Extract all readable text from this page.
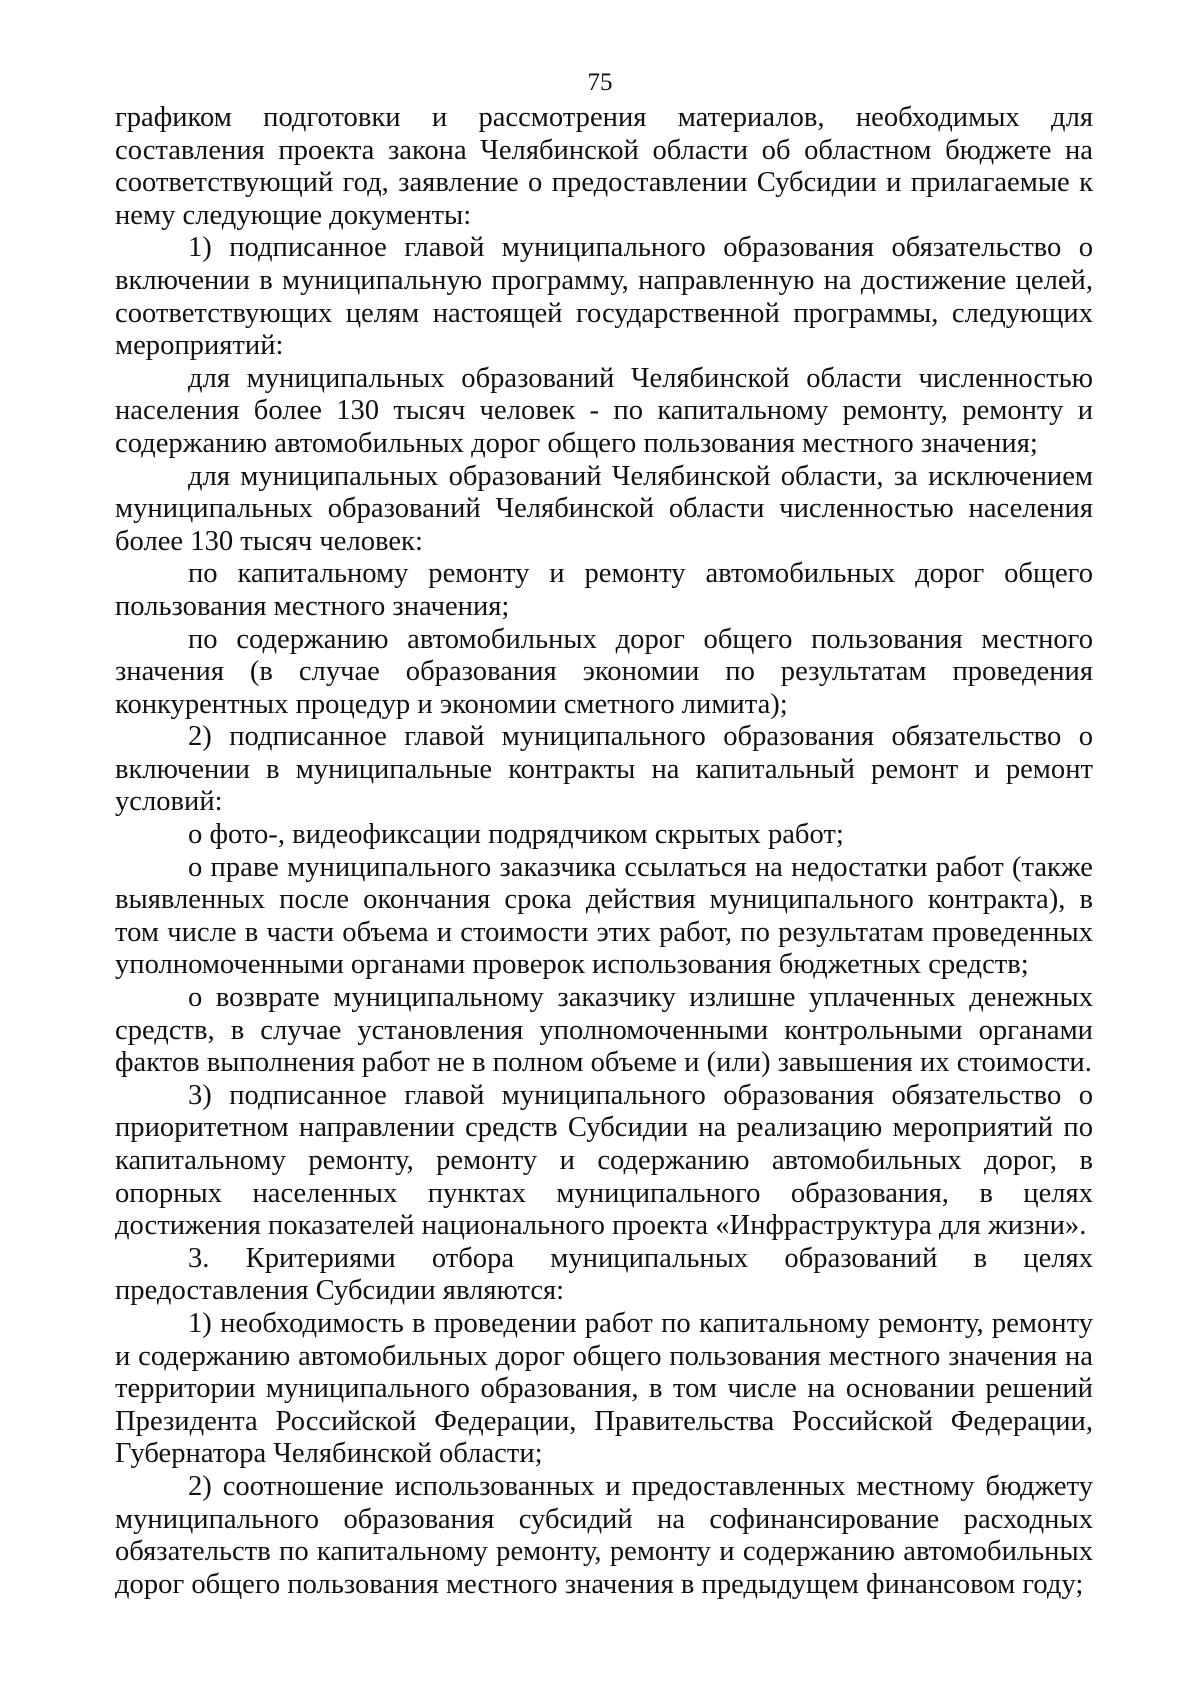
75

графиком подготовки и рассмотрения материалов, необходимых для составления проекта закона Челябинской области об областном бюджете на соответствующий год, заявление о предоставлении Субсидии и прилагаемые к нему следующие документы:

1) подписанное главой муниципального образования обязательство о включении в муниципальную программу, направленную на достижение целей, соответствующих целям настоящей государственной программы, следующих мероприятий:

для муниципальных образований Челябинской области численностью населения более 130 тысяч человек - по капитальному ремонту, ремонту и содержанию автомобильных дорог общего пользования местного значения;

для муниципальных образований Челябинской области, за исключением муниципальных образований Челябинской области численностью населения более 130 тысяч человек:

по капитальному ремонту и ремонту автомобильных дорог общего пользования местного значения;

по содержанию автомобильных дорог общего пользования местного значения (в случае образования экономии по результатам проведения конкурентных процедур и экономии сметного лимита);

2) подписанное главой муниципального образования обязательство о включении в муниципальные контракты на капитальный ремонт и ремонт условий:

о фото-, видеофиксации подрядчиком скрытых работ;

о праве муниципального заказчика ссылаться на недостатки работ (также выявленных после окончания срока действия муниципального контракта), в том числе в части объема и стоимости этих работ, по результатам проведенных уполномоченными органами проверок использования бюджетных средств;

о возврате муниципальному заказчику излишне уплаченных денежных средств, в случае установления уполномоченными контрольными органами фактов выполнения работ не в полном объеме и (или) завышения их стоимости.

3) подписанное главой муниципального образования обязательство о приоритетном направлении средств Субсидии на реализацию мероприятий по капитальному ремонту, ремонту и содержанию автомобильных дорог, в опорных населенных пунктах муниципального образования, в целях достижения показателей национального проекта «Инфраструктура для жизни».

3. Критериями отбора муниципальных образований в целях предоставления Субсидии являются:

1) необходимость в проведении работ по капитальному ремонту, ремонту и содержанию автомобильных дорог общего пользования местного значения на территории муниципального образования, в том числе на основании решений Президента Российской Федерации, Правительства Российской Федерации, Губернатора Челябинской области;

2) соотношение использованных и предоставленных местному бюджету муниципального образования субсидий на софинансирование расходных обязательств по капитальному ремонту, ремонту и содержанию автомобильных дорог общего пользования местного значения в предыдущем финансовом году;
